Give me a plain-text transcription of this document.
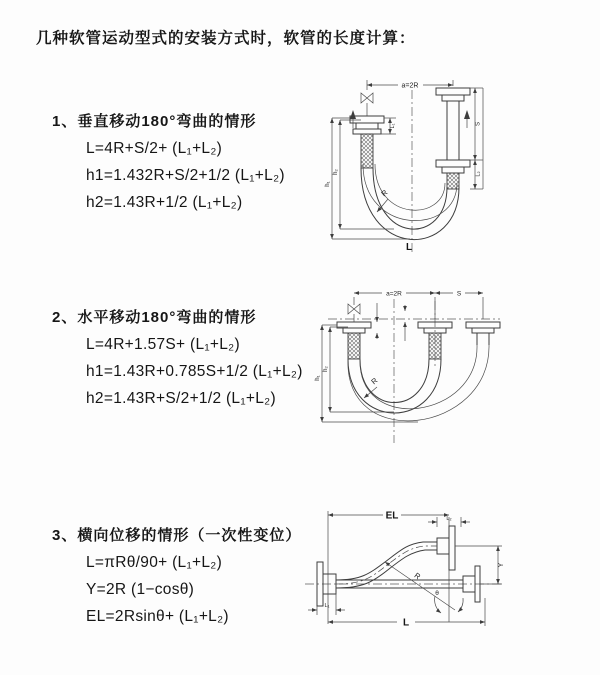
几种软管运动型式的安装方式时，软管的长度计算：
1、垂直移动180°弯曲的情形
L=4R+S/2+ (L₁+L₂)
h1=1.432R+S/2+1/2 (L₁+L₂)
h2=1.43R+1/2 (L₁+L₂)
2、水平移动180°弯曲的情形
L=4R+1.57S+ (L₁+L₂)
h1=1.43R+0.785S+1/2 (L₁+L₂)
h2=1.43R+S/2+1/2 (L₁+L₂)
3、横向位移的情形（一次性变位）
L=πRθ/90+ (L₁+L₂)
Y=2R (1−cosθ)
EL=2Rsinθ+ (L₁+L₂)
a=2R
h₁
h₂
L₁	S
L₂
R
L
a=2R	S
h₁
h₂
R
EL	L₂
R
θ
Y
L₁
L
